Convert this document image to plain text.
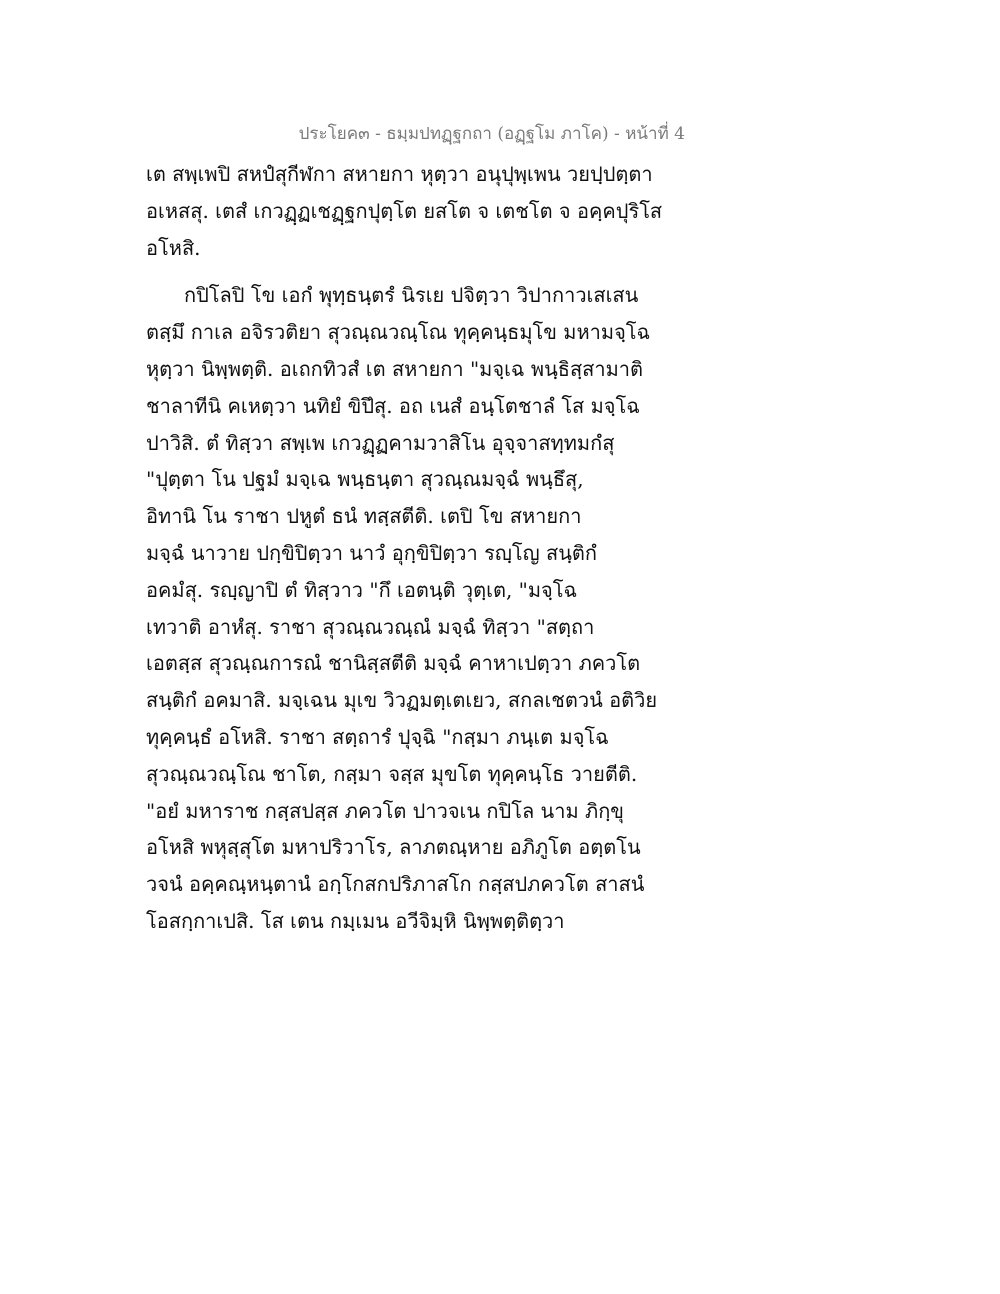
ประโยค๓ - ธมฺมปทฏฺฐกถา (อฏฺฐโม ภาโค) - หน้าที่ 4
เต สพฺเพปิ สหปํสุกีฬกา สหายกา หุตฺวา อนุปุพฺเพน วยปฺปตฺตา
อเหสสุ. เตสํ เกวฏฺฏเชฏฺฐกปุตฺโต ยสโต จ เตชโต จ อคฺคปุริโส
อโหสิ.
กปิโลปิ โข เอกํ พุทฺธนฺตรํ นิรเย ปจิตฺวา วิปากาวเสเสน
ตสฺมึ กาเล อจิรวติยา สุวณฺณวณฺโณ ทุคฺคนฺธมุโข มหามจฺโฉ
หุตฺวา นิพฺพตฺติ. อเถกทิวสํ เต สหายกา "มจฺเฉ พนฺธิสฺสามาติ
ชาลาทีนิ คเหตฺวา นทิยํ ขิปึสุ. อถ เนสํ อนฺโตชาลํ โส มจฺโฉ
ปาวิสิ. ตํ ทิสฺวา สพฺเพ เกวฏฺฏคามวาสิโน อุจฺจาสทฺทมกํสุ
"ปุตฺตา โน ปฐมํ มจฺเฉ พนฺธนฺตา สุวณฺณมจฺฉํ พนฺธึสุ,
อิทานิ โน ราชา ปหูตํ ธนํ ทสฺสตีติ. เตปิ โข สหายกา
มจฺฉํ นาวาย ปกฺขิปิตฺวา นาวํ อุกฺขิปิตฺวา รญฺโญ สนฺติกํ
อคมํสุ. รญฺญาปิ ตํ ทิสฺวาว "กึ เอตนฺติ วุตฺเต, "มจฺโฉ
เทวาติ อาหํสุ. ราชา สุวณฺณวณฺณํ มจฺฉํ ทิสฺวา "สตฺถา
เอตสฺส สุวณฺณการณํ ชานิสฺสตีติ มจฺฉํ คาหาเปตฺวา ภควโต
สนฺติกํ อคมาสิ. มจฺเฉน มุเข วิวฏมตฺเตเยว, สกลเชตวนํ อติวิย
ทุคฺคนฺธํ อโหสิ. ราชา สตฺถารํ ปุจฺฉิ "กสฺมา ภนฺเต มจฺโฉ
สุวณฺณวณฺโณ ชาโต, กสฺมา จสฺส มุขโต ทุคฺคนฺโธ วายตีติ.
"อยํ มหาราช กสฺสปสฺส ภควโต ปาวจเน กปิโล นาม ภิกฺขุ
อโหสิ พหุสฺสุโต มหาปริวาโร, ลาภตณฺหาย อภิภูโต อตฺตโน
วจนํ อคฺคณฺหนฺตานํ อกฺโกสกปริภาสโก กสฺสปภควโต สาสนํ
โอสกฺกาเปสิ. โส เตน กมฺเมน อวีจิมฺหิ นิพฺพตฺติตฺวา
